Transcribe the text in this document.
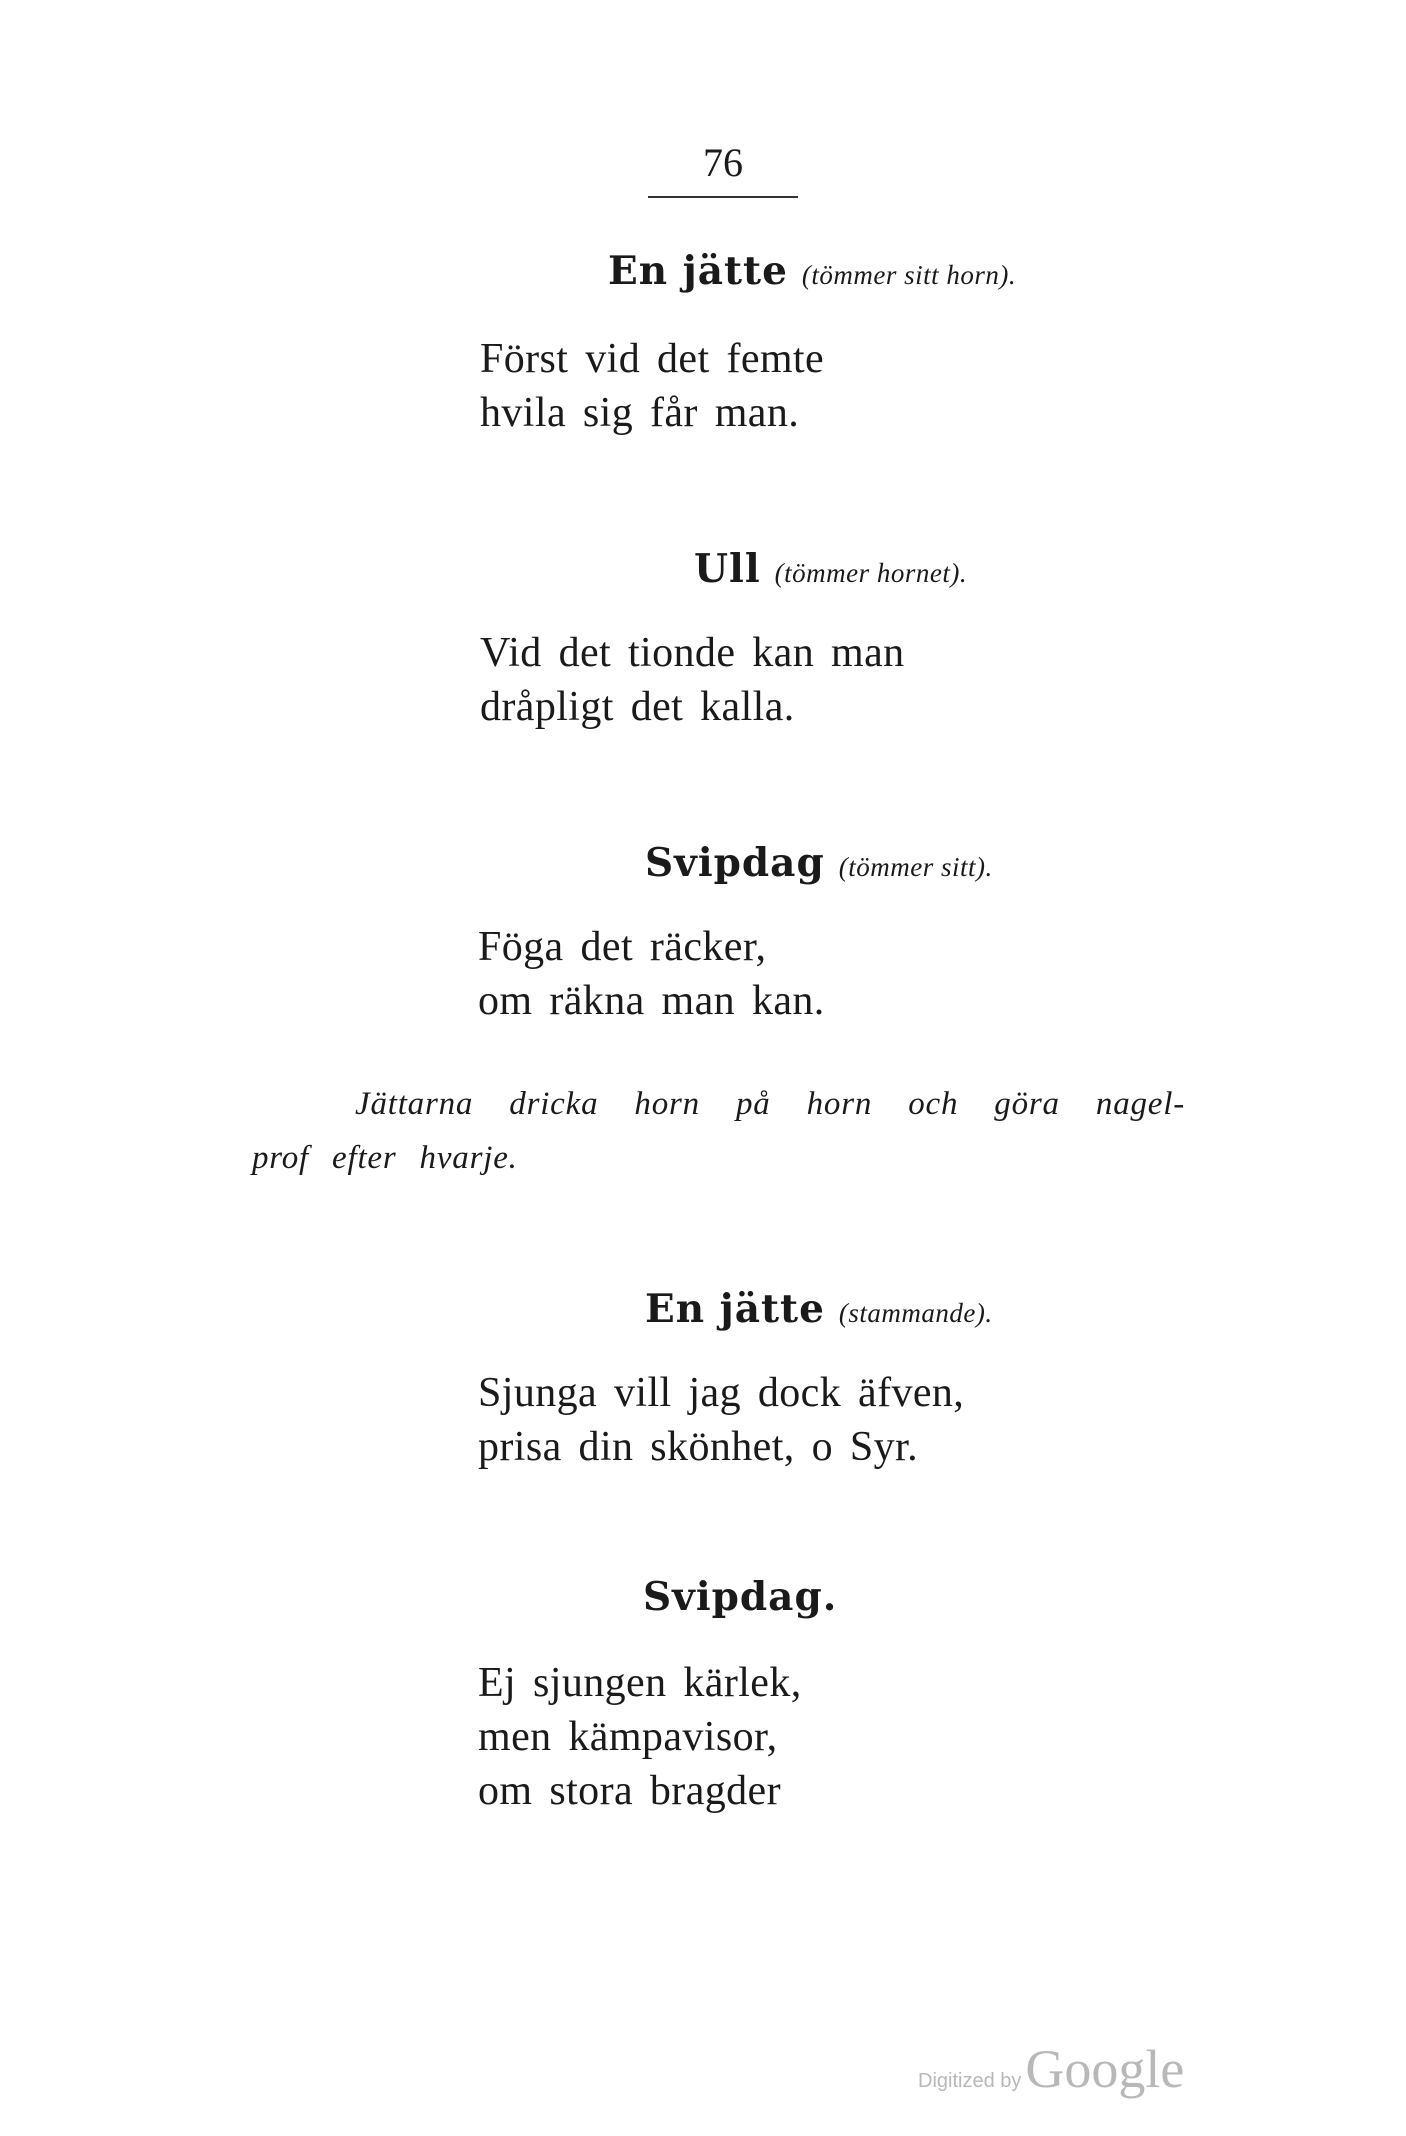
76
En jätte (tömmer sitt horn).
Först vid det femte
hvila sig får man.
Ull (tömmer hornet).
Vid det tionde kan man
dråpligt det kalla.
Svipdag (tömmer sitt).
Föga det räcker,
om räkna man kan.
Jättarna dricka horn på horn och göra nagel-
prof efter hvarje.
En jätte (stammande).
Sjunga vill jag dock äfven,
prisa din skönhet, o Syr.
Svipdag.
Ej sjungen kärlek,
men kämpavisor,
om stora bragder
Digitized byGoogle
